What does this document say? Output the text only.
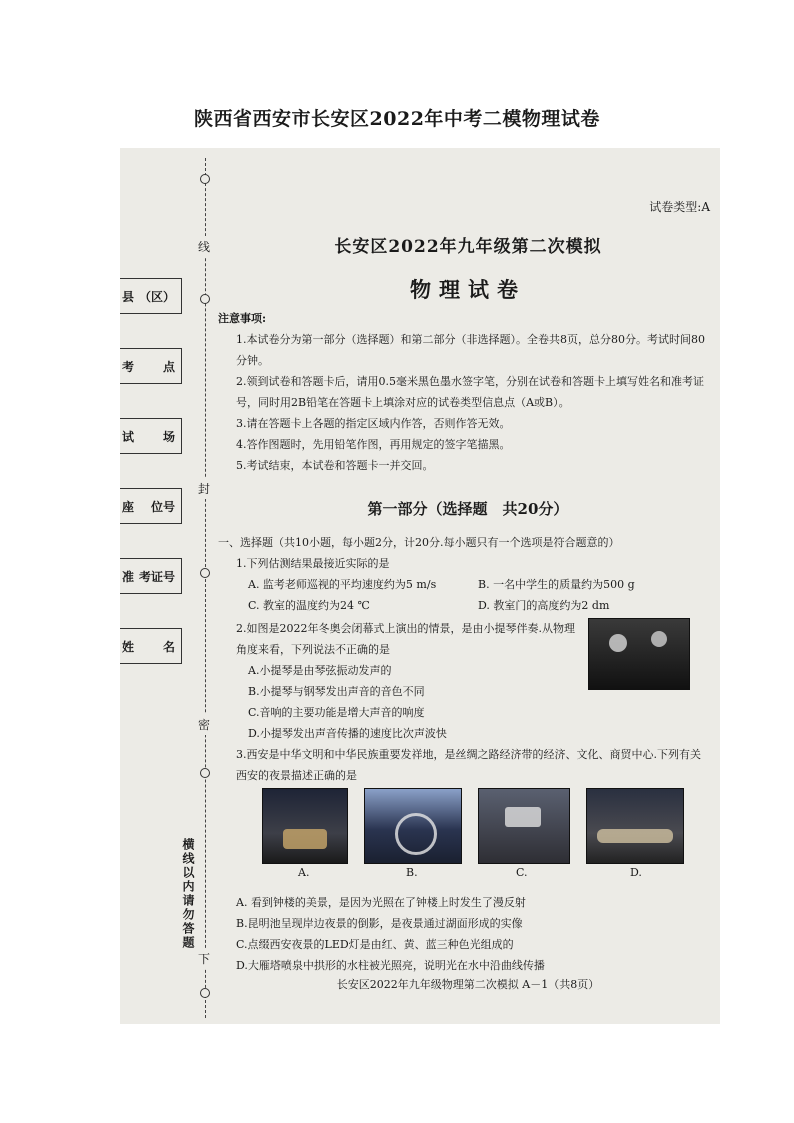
陕西省西安市长安区2022年中考二模物理试卷
县 （区）
考 点
试 场
座 位号
准 考证号
姓 名
线
封
密
下
横线以内请勿答题
试卷类型:A
长安区2022年九年级第二次模拟
物理试卷

注意事项:

1.本试卷分为第一部分（选择题）和第二部分（非选择题）。全卷共8页，总分80分。考试时间80分钟。

2.领到试卷和答题卡后，请用0.5毫米黑色墨水签字笔，分别在试卷和答题卡上填写姓名和准考证号，同时用2B铅笔在答题卡上填涂对应的试卷类型信息点（A或B）。

3.请在答题卡上各题的指定区域内作答，否则作答无效。

4.答作图题时，先用铅笔作图，再用规定的签字笔描黑。

5.考试结束，本试卷和答题卡一并交回。

第一部分（选择题　共20分）

一、选择题（共10小题，每小题2分，计20分.每小题只有一个选项是符合题意的）

1.下列估测结果最接近实际的是

A. 监考老师巡视的平均速度约为5 m/s	B. 一名中学生的质量约为500 g
C. 教室的温度约为24 ℃	D. 教室门的高度约为2 dm

2.如图是2022年冬奥会闭幕式上演出的情景，是由小提琴伴奏.从物理角度来看，下列说法不正确的是

A.小提琴是由琴弦振动发声的

B.小提琴与钢琴发出声音的音色不同

C.音响的主要功能是增大声音的响度

D.小提琴发出声音传播的速度比次声波快

3.西安是中华文明和中华民族重要发祥地，是丝绸之路经济带的经济、文化、商贸中心.下列有关西安的夜景描述正确的是

A.	B.	C.	D.

A. 看到钟楼的美景，是因为光照在了钟楼上时发生了漫反射

B.昆明池呈现岸边夜景的倒影，是夜景通过湖面形成的实像

C.点缀西安夜景的LED灯是由红、黄、蓝三种色光组成的

D.大雁塔喷泉中拱形的水柱被光照亮，说明光在水中沿曲线传播

长安区2022年九年级物理第二次模拟 A－1（共8页）
